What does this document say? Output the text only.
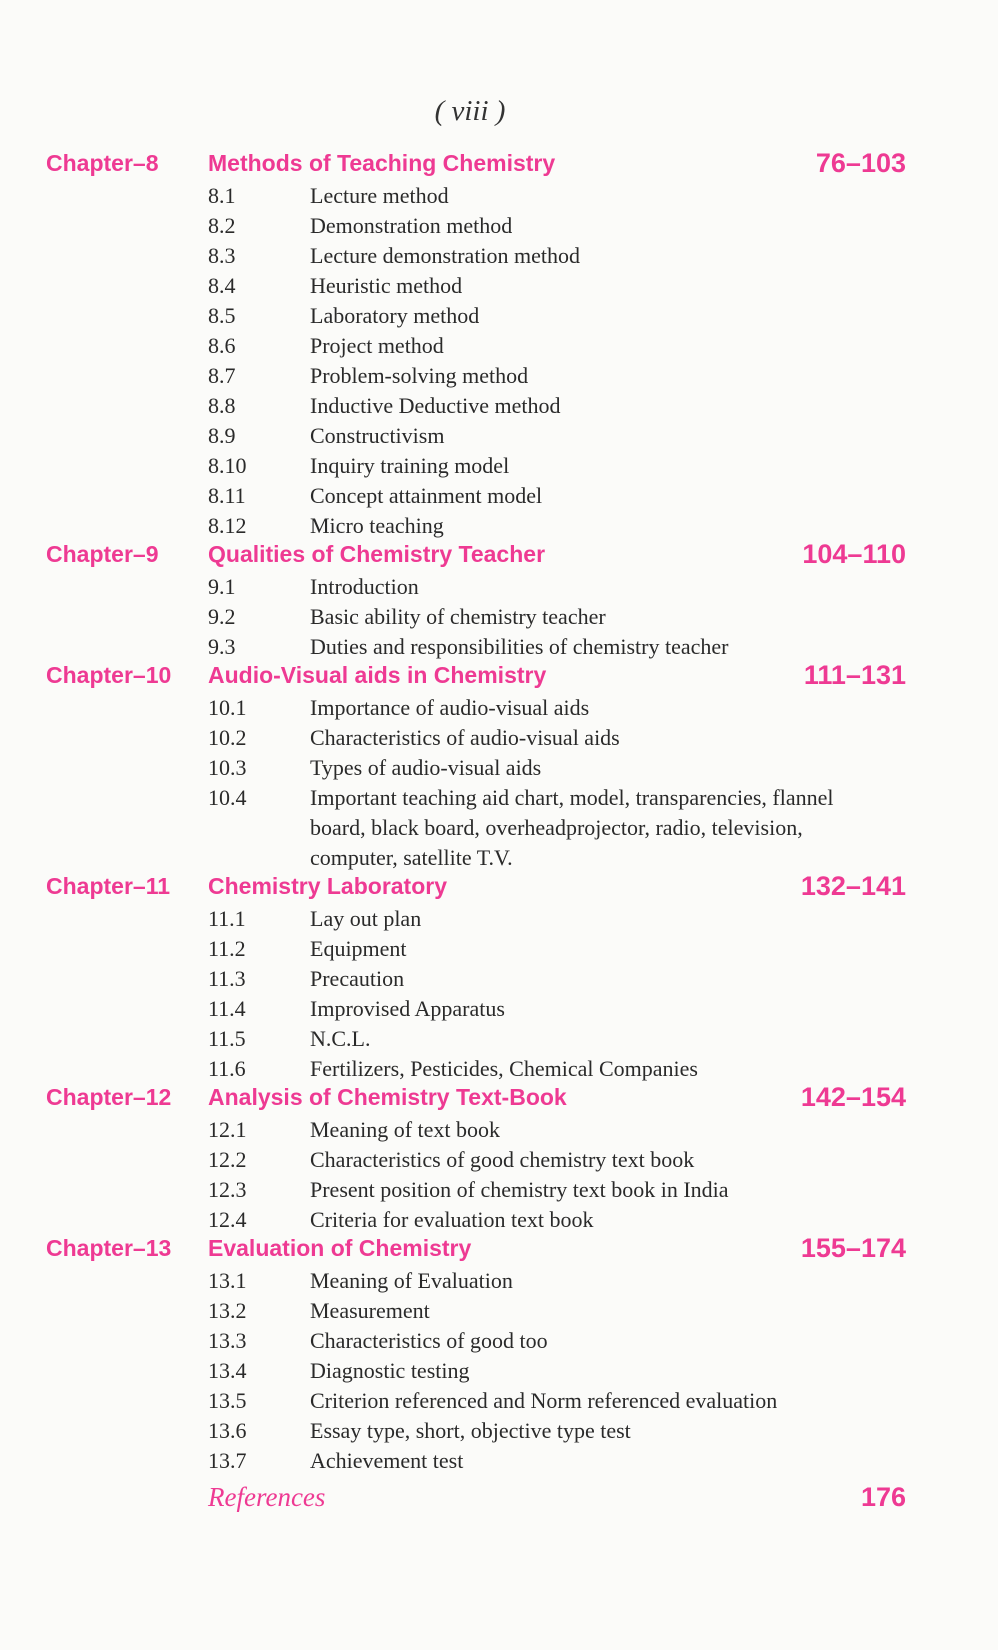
( viii )
Chapter–8 Methods of Teaching Chemistry	76–103
8.1	Lecture method
8.2	Demonstration method
8.3	Lecture demonstration method
8.4	Heuristic method
8.5	Laboratory method
8.6	Project method
8.7	Problem-solving method
8.8	Inductive Deductive method
8.9	Constructivism
8.10	Inquiry training model
8.11	Concept attainment model
8.12	Micro teaching
Chapter–9 Qualities of Chemistry Teacher	104–110
9.1	Introduction
9.2	Basic ability of chemistry teacher
9.3	Duties and responsibilities of chemistry teacher
Chapter–10 Audio-Visual aids in Chemistry	111–131
10.1	Importance of audio-visual aids
10.2	Characteristics of audio-visual aids
10.3	Types of audio-visual aids
10.4	Important teaching aid chart, model, transparencies, flannel board, black board, overheadprojector, radio, television, computer, satellite T.V.
Chapter–11 Chemistry Laboratory	132–141
11.1	Lay out plan
11.2	Equipment
11.3	Precaution
11.4	Improvised Apparatus
11.5	N.C.L.
11.6	Fertilizers, Pesticides, Chemical Companies
Chapter–12 Analysis of Chemistry Text-Book	142–154
12.1	Meaning of text book
12.2	Characteristics of good chemistry text book
12.3	Present position of chemistry text book in India
12.4	Criteria for evaluation text book
Chapter–13 Evaluation of Chemistry	155–174
13.1	Meaning of Evaluation
13.2	Measurement
13.3	Characteristics of good too
13.4	Diagnostic testing
13.5	Criterion referenced and Norm referenced evaluation
13.6	Essay type, short, objective type test
13.7	Achievement test
References	176
